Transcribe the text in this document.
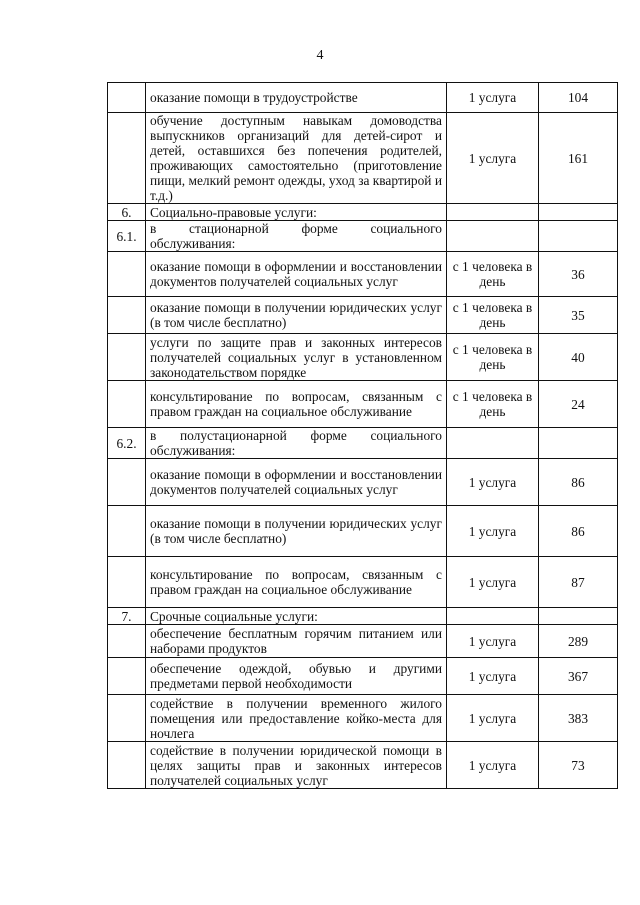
4
	оказание помощи в трудоустройстве	1 услуга	104
	обучение доступным навыкам домоводства выпускников организаций для детей-сирот и детей, оставшихся без попечения родителей, проживающих самостоятельно (приготовление пищи, мелкий ремонт одежды, уход за квартирой и т.д.)	1 услуга	161
6.	Социально-правовые услуги:		
6.1.	в стационарной форме социального обслуживания:		
	оказание помощи в оформлении и восстановлении документов получателей социальных услуг	с 1 человека в день	36
	оказание помощи в получении юридических услуг (в том числе бесплатно)	с 1 человека в день	35
	услуги по защите прав и законных интересов получателей социальных услуг в установленном законодательством порядке	с 1 человека в день	40
	консультирование по вопросам, связанным с правом граждан на социальное обслуживание	с 1 человека в день	24
6.2.	в полустационарной форме социального обслуживания:		
	оказание помощи в оформлении и восстановлении документов получателей социальных услуг	1 услуга	86
	оказание помощи в получении юридических услуг (в том числе бесплатно)	1 услуга	86
	консультирование по вопросам, связанным с правом граждан на социальное обслуживание	1 услуга	87
7.	Срочные социальные услуги:		
	обеспечение бесплатным горячим питанием или наборами продуктов	1 услуга	289
	обеспечение одеждой, обувью и другими предметами первой необходимости	1 услуга	367
	содействие в получении временного жилого помещения или предоставление койко-места для ночлега	1 услуга	383
	содействие в получении юридической помощи в целях защиты прав и законных интересов получателей социальных услуг	1 услуга	73
